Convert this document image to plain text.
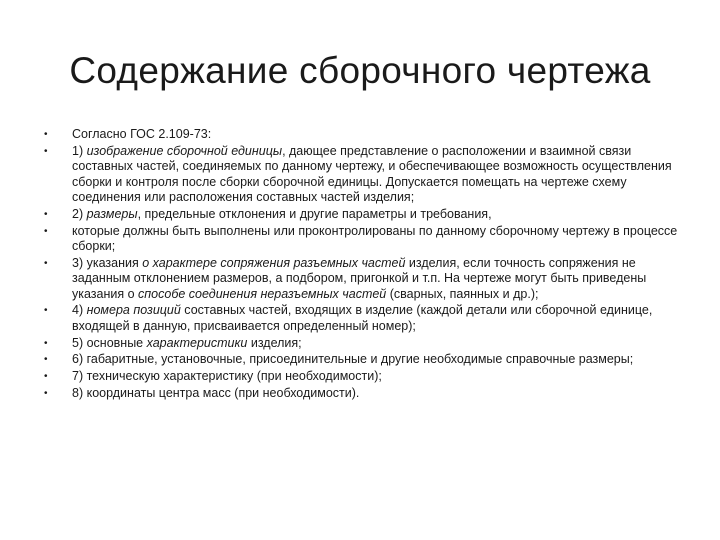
Содержание сборочного чертежа
•	Согласно ГОС 2.109-73:
•	1) изображение сборочной единицы, дающее представление о расположении и взаимной связи составных частей, соединяемых по данному чертежу, и обеспечивающее возможность осуществления сборки и контроля после сборки сборочной единицы. Допускается помещать на чертеже схему соединения или расположения составных частей изделия;
•	2) размеры, предельные отклонения и другие параметры и требования,
•	которые должны быть выполнены или проконтролированы по данному сборочному чертежу в процессе сборки;
•	3) указания о характере сопряжения разъемных частей изделия, если точность сопряжения не заданным отклонением размеров, а подбором, пригонкой и т.п. На чертеже могут быть приведены указания о способе соединения неразъемных частей (сварных, паянных и др.);
•	4) номера позиций составных частей, входящих в изделие (каждой детали или сборочной единице, входящей в данную, присваивается определенный номер);
•	5) основные характеристики изделия;
•	6) габаритные, установочные, присоединительные и другие необходимые справочные размеры;
•	7) техническую характеристику (при необходимости);
•	8) координаты центра масс (при необходимости).
